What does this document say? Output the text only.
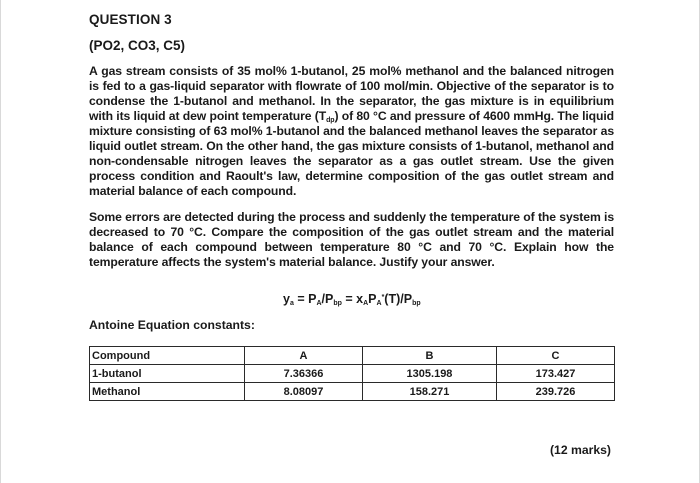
QUESTION 3
(PO2, CO3, C5)
A gas stream consists of 35 mol% 1-butanol, 25 mol% methanol and the balanced nitrogen is fed to a gas-liquid separator with flowrate of 100 mol/min. Objective of the separator is to condense the 1-butanol and methanol. In the separator, the gas mixture is in equilibrium with its liquid at dew point temperature $(T_{dp})$ of 80 °C and pressure of 4600 mmHg. The liquid mixture consisting of 63 mol% 1-butanol and the balanced methanol leaves the separator as liquid outlet stream. On the other hand, the gas mixture consists of 1-butanol, methanol and non-condensable nitrogen leaves the separator as a gas outlet stream. Use the given process condition and Raoult's law, determine composition of the gas outlet stream and material balance of each compound.
Some errors are detected during the process and suddenly the temperature of the system is decreased to 70 °C. Compare the composition of the gas outlet stream and the material balance of each compound between temperature 80 °C and 70 °C. Explain how the temperature affects the system's material balance. Justify your answer.
$y_a = P_A/P_{bp} = x_AP_A^*(T)/P_{bp}$
Antoine Equation constants:
Compound	A	B	C
1-butanol	7.36366	1305.198	173.427
Methanol	8.08097	158.271	239.726
(12 marks)
